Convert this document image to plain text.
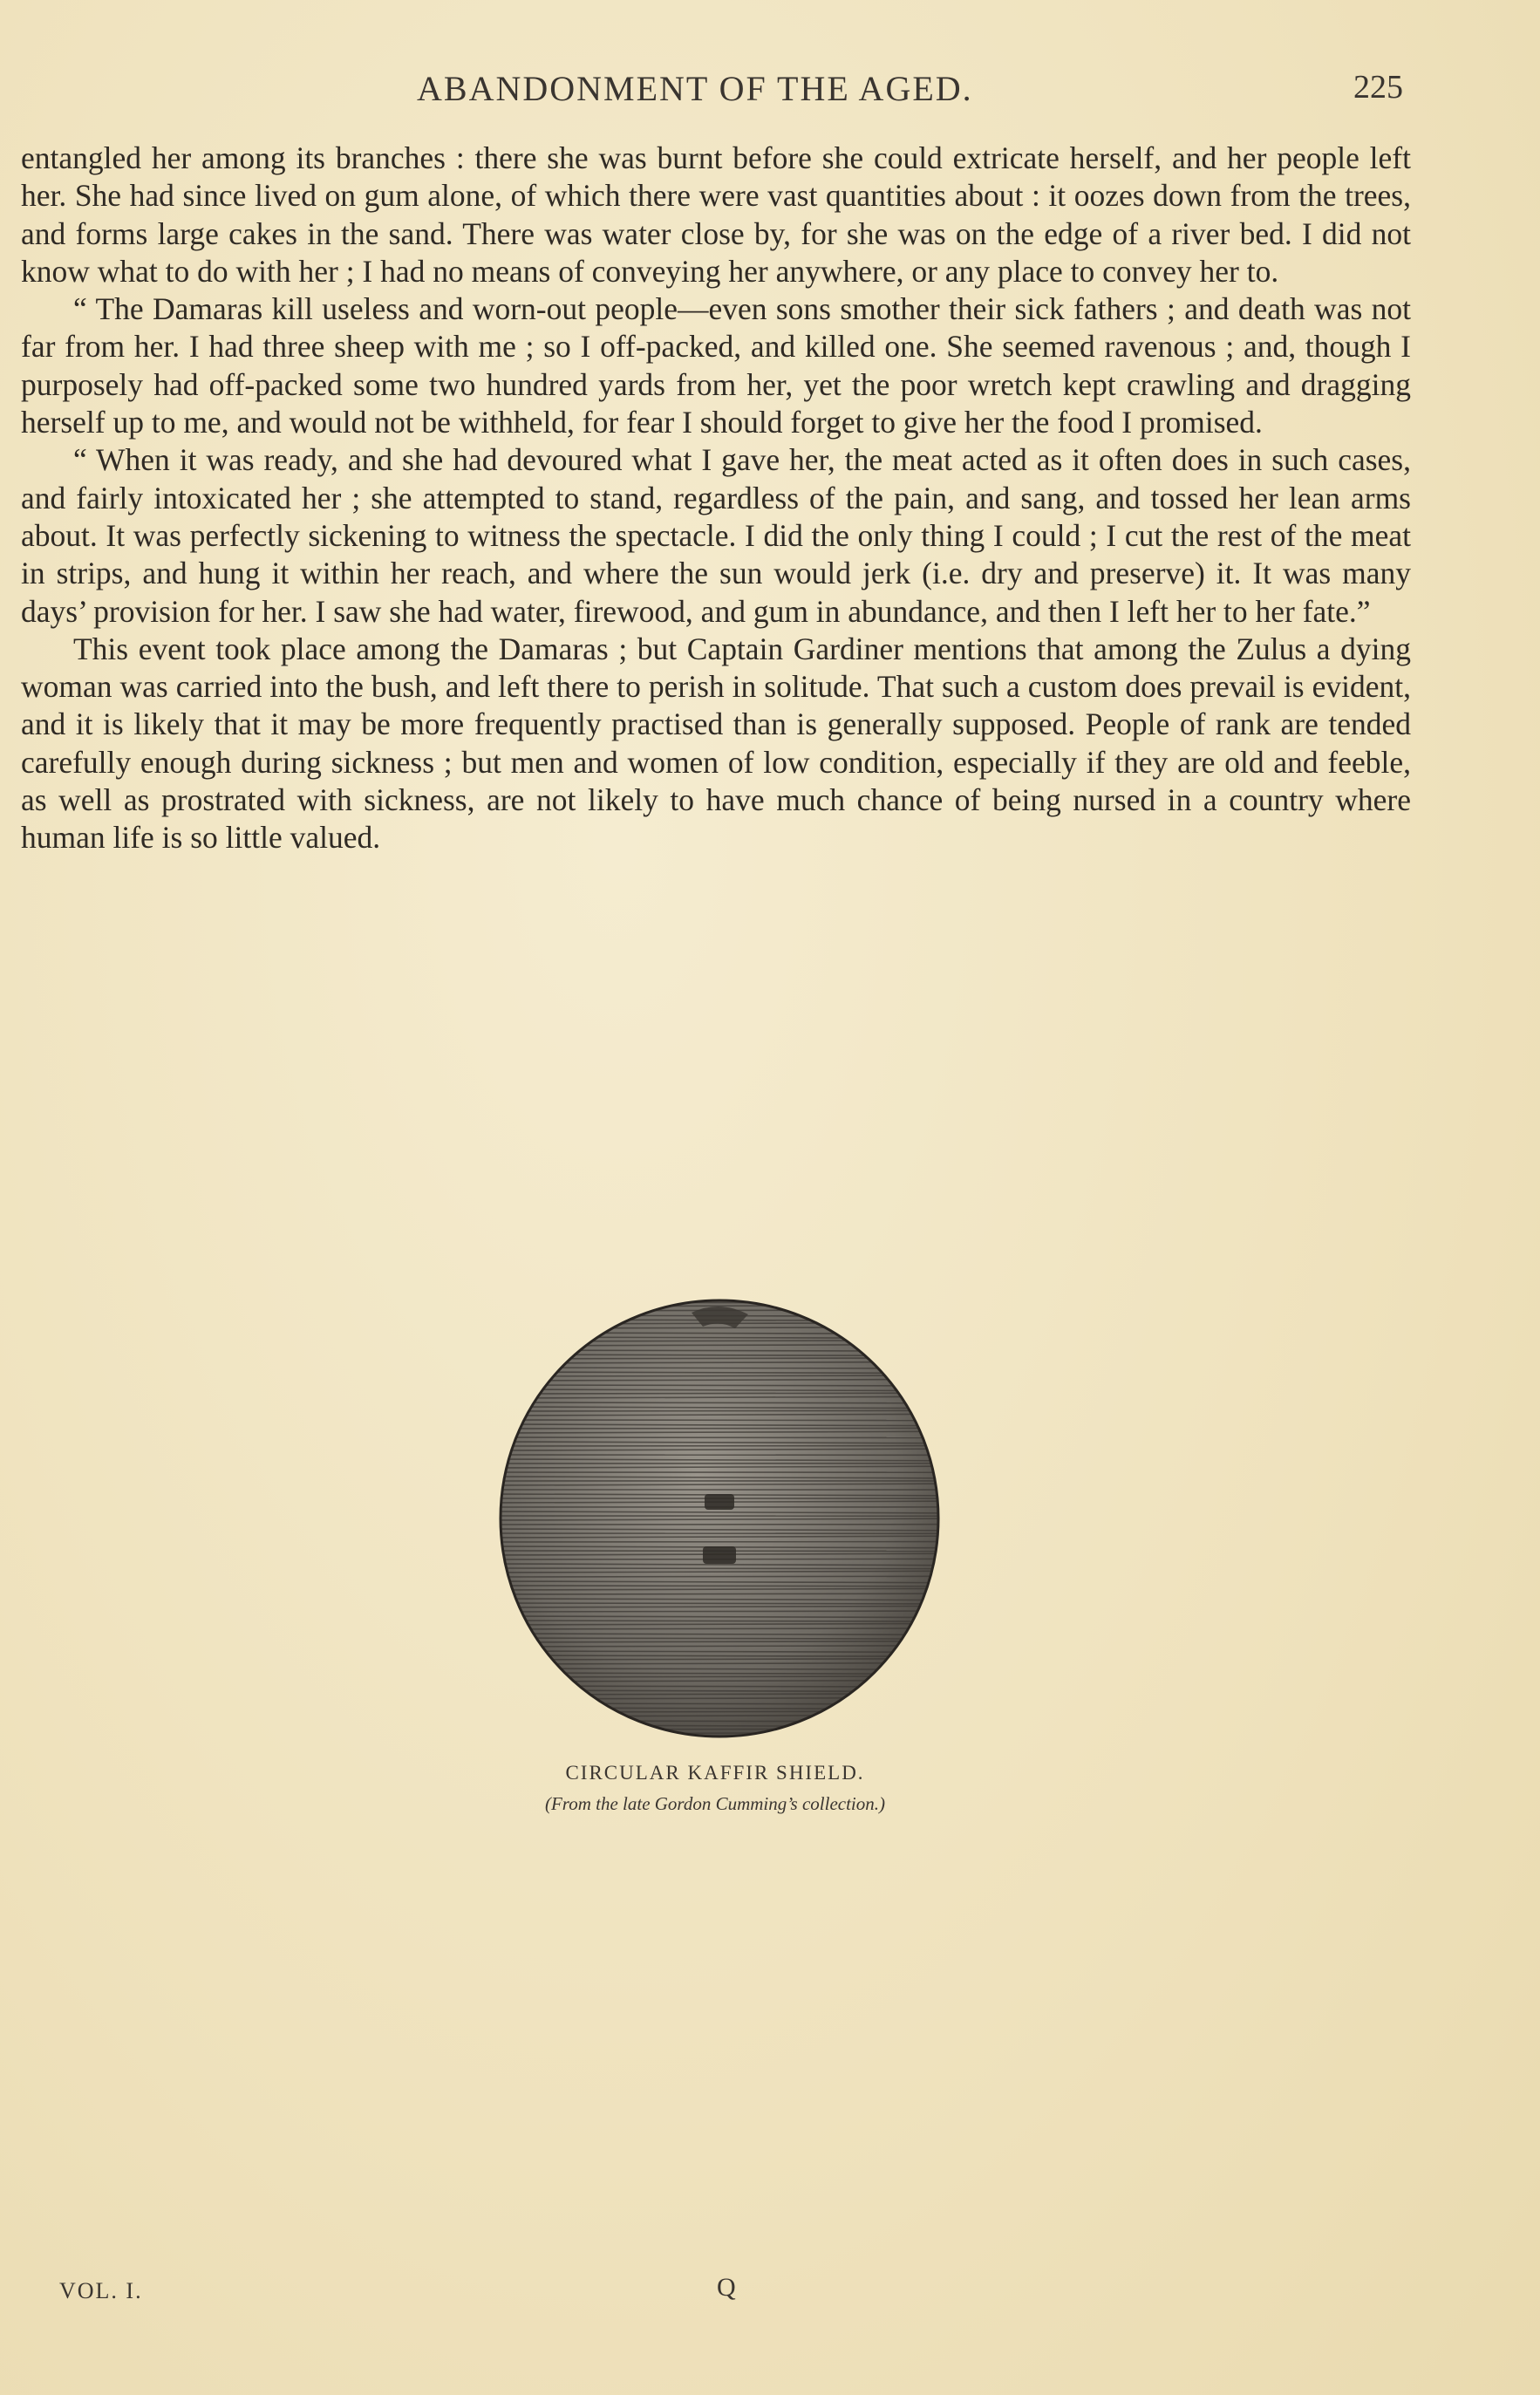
ABANDONMENT OF THE AGED.	225

entangled her among its branches : there she was burnt before she could extricate herself, and her people left her. She had since lived on gum alone, of which there were vast quantities about : it oozes down from the trees, and forms large cakes in the sand. There was water close by, for she was on the edge of a river bed. I did not know what to do with her ; I had no means of conveying her anywhere, or any place to convey her to.

“ The Damaras kill useless and worn-out people—even sons smother their sick fathers ; and death was not far from her. I had three sheep with me ; so I off-packed, and killed one. She seemed ravenous ; and, though I purposely had off-packed some two hundred yards from her, yet the poor wretch kept crawling and dragging herself up to me, and would not be withheld, for fear I should forget to give her the food I promised.

“ When it was ready, and she had devoured what I gave her, the meat acted as it often does in such cases, and fairly intoxicated her ; she attempted to stand, regardless of the pain, and sang, and tossed her lean arms about. It was perfectly sickening to witness the spectacle. I did the only thing I could ; I cut the rest of the meat in strips, and hung it within her reach, and where the sun would jerk (i.e. dry and preserve) it. It was many days’ provision for her. I saw she had water, firewood, and gum in abundance, and then I left her to her fate.”

This event took place among the Damaras ; but Captain Gardiner mentions that among the Zulus a dying woman was carried into the bush, and left there to perish in solitude. That such a custom does prevail is evident, and it is likely that it may be more frequently practised than is generally supposed. People of rank are tended carefully enough during sickness ; but men and women of low condition, especially if they are old and feeble, as well as prostrated with sickness, are not likely to have much chance of being nursed in a country where human life is so little valued.

CIRCULAR KAFFIR SHIELD.
(From the late Gordon Cumming’s collection.)
VOL. I.	Q
